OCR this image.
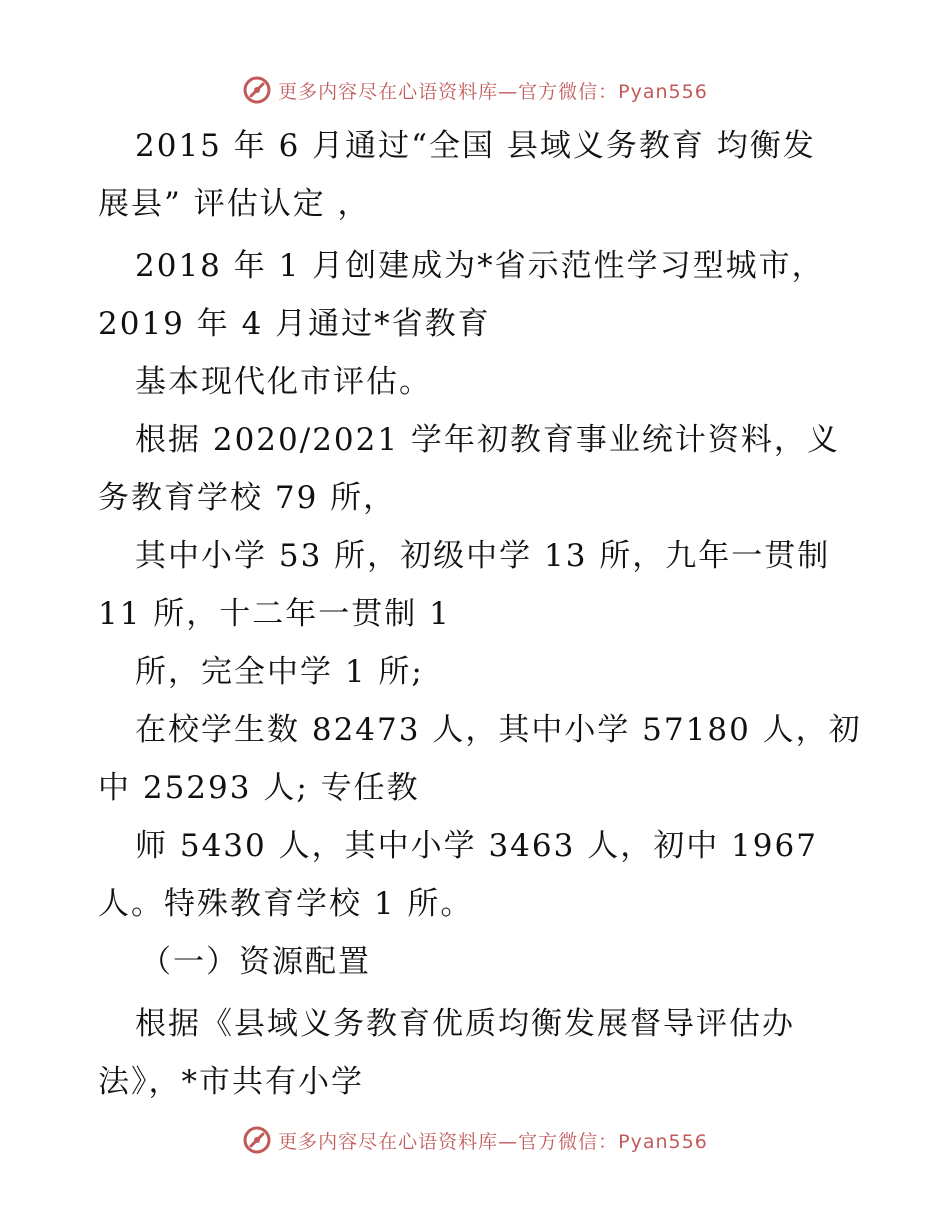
更多内容尽在心语资料库—官方微信：Pyan556
2015 年 6 月通过“全国 县域义务教育 均衡发
展县” 评估认定 ，
2018 年 1 月创建成为*省示范性学习型城市，
2019 年 4 月通过*省教育
基本现代化市评估。
根据 2020/2021 学年初教育事业统计资料，义
务教育学校 79 所，
其中小学 53 所，初级中学 13 所，九年一贯制
11 所，十二年一贯制 1
所，完全中学 1 所;
在校学生数 82473 人，其中小学 57180 人，初
中 25293 人; 专任教
师 5430 人，其中小学 3463 人，初中 1967
人。特殊教育学校 1 所。
（一）资源配置
根据《县域义务教育优质均衡发展督导评估办
法》，*市共有小学
更多内容尽在心语资料库—官方微信：Pyan556
